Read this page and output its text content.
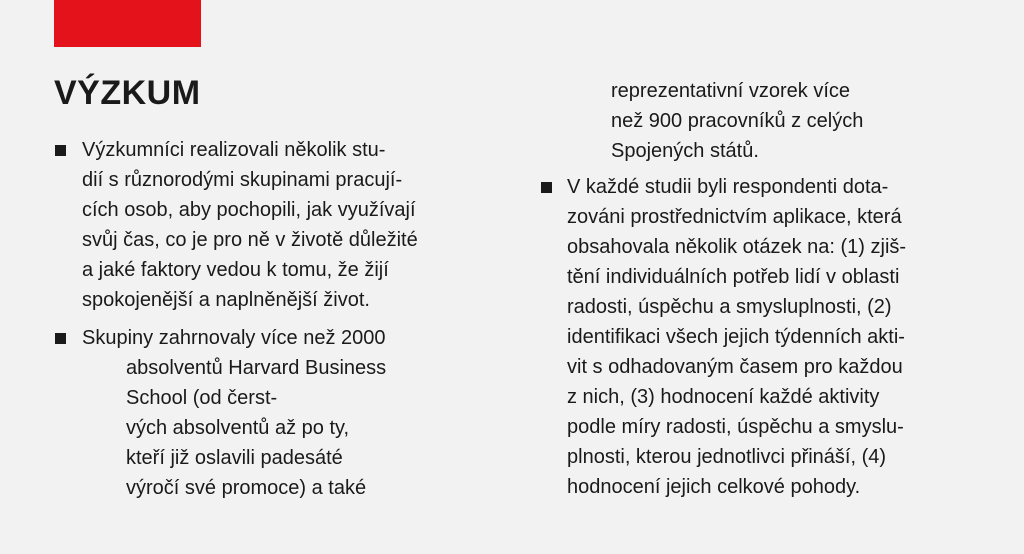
VÝZKUM
Výzkumníci realizovali několik stu-
dií s různorodými skupinami pracují-
cích osob, aby pochopili, jak využívají
svůj čas, co je pro ně v životě důležité
a jaké faktory vedou k tomu, že žijí
spokojenější a naplněnější život.
Skupiny zahrnovaly více než 2000
absolventů Harvard Business
School (od čerst-
vých absolventů až po ty,
kteří již oslavili padesáté
výročí své promoce) a také
reprezentativní vzorek více
než 900 pracovníků z celých
Spojených států.
V každé studii byli respondenti dota-
zováni prostřednictvím aplikace, která
obsahovala několik otázek na: (1) zjiš-
tění individuálních potřeb lidí v oblasti
radosti, úspěchu a smysluplnosti, (2)
identifikaci všech jejich týdenních akti-
vit s odhadovaným časem pro každou
z nich, (3) hodnocení každé aktivity
podle míry radosti, úspěchu a smyslu-
plnosti, kterou jednotlivci přináší, (4)
hodnocení jejich celkové pohody.
